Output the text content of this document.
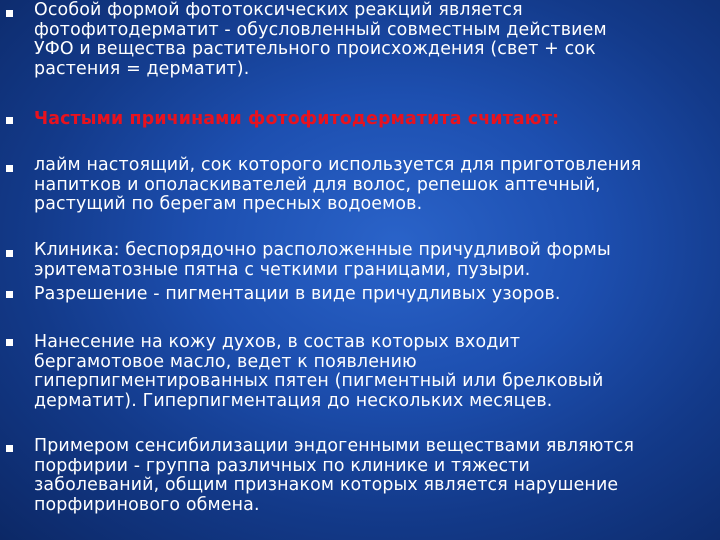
Особой формой фототоксических реакций является
фотофитодерматит - обусловленный совместным действием
УФО и вещества растительного происхождения (свет + сок
растения = дерматит).
Частыми причинами фотофитодерматита считают:
лайм настоящий, сок которого используется для приготовления
напитков и ополаскивателей для волос, репешок аптечный,
растущий по берегам пресных водоемов.
Клиника: беспорядочно расположенные причудливой формы
эритематозные пятна с четкими границами, пузыри.
Разрешение - пигментации в виде причудливых узоров.
Нанесение на кожу духов, в состав которых входит
бергамотовое масло, ведет к появлению
гиперпигментированных пятен (пигментный или брелковый
дерматит). Гиперпигментация до нескольких месяцев.
Примером сенсибилизации эндогенными веществами являются
порфирии - группа различных по клинике и тяжести
заболеваний, общим признаком которых является нарушение
порфиринового обмена.
